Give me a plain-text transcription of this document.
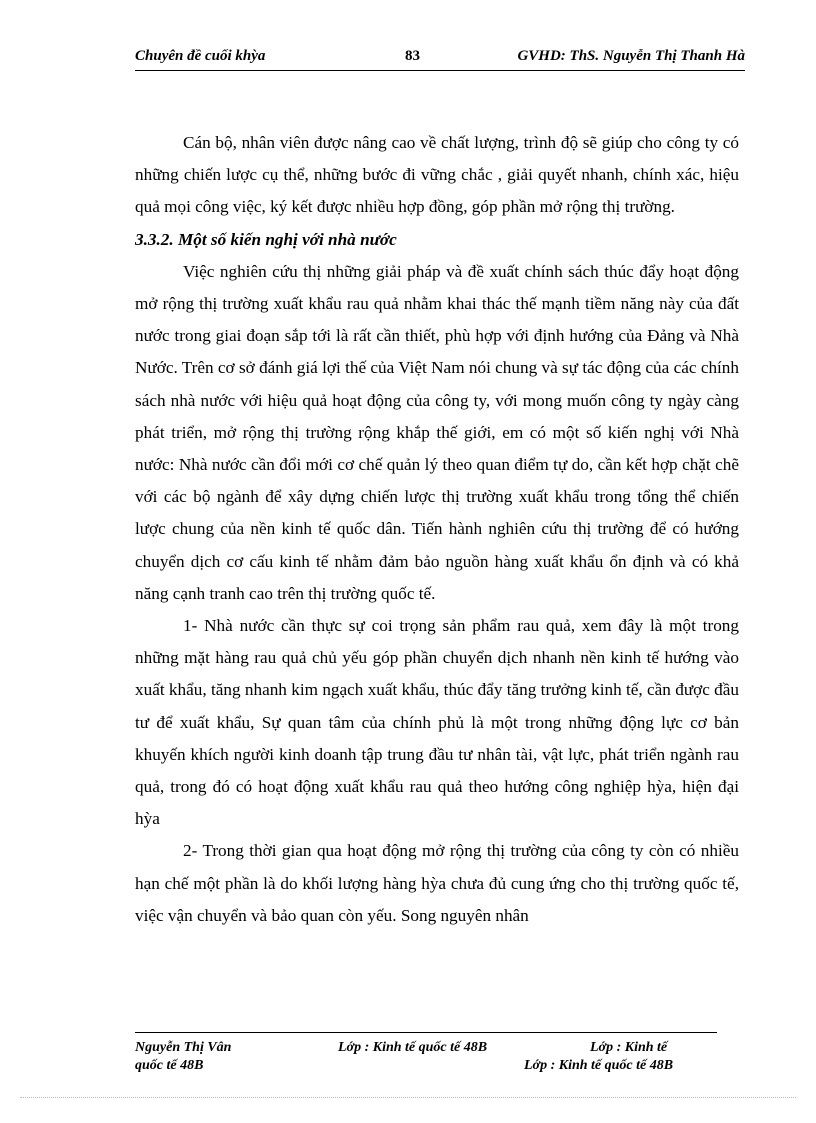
Chuyên đề cuối khỳa	83	GVHD: ThS. Nguyễn Thị Thanh Hà

Cán bộ, nhân viên được nâng cao về chất lượng, trình độ sẽ giúp cho công ty có những chiến lược cụ thể, những bước đi vững chắc , giải quyết nhanh, chính xác, hiệu quả mọi công việc, ký kết được nhiều hợp đồng, góp phần mở rộng thị trường.

3.3.2. Một số kiến nghị với nhà nước

Việc nghiên cứu thị những giải pháp và đề xuất chính sách thúc đẩy hoạt động mở rộng thị trường xuất khẩu rau quả nhằm khai thác thế mạnh tiềm năng này của đất nước trong giai đoạn sắp tới là rất cần thiết, phù hợp với định hướng của Đảng và Nhà Nước. Trên cơ sở đánh giá lợi thế của Việt Nam nói chung và sự tác động của các chính sách nhà nước với hiệu quả hoạt động của công ty, với mong muốn công ty ngày càng phát triển, mở rộng thị trường rộng khắp thế giới, em có một số kiến nghị với Nhà nước: Nhà nước cần đổi mới cơ chế quản lý theo quan điểm tự do, cần kết hợp chặt chẽ với các bộ ngành để xây dựng chiến lược thị trường xuất khẩu trong tổng thể chiến lược chung của nền kinh tế quốc dân. Tiến hành nghiên cứu thị trường để có hướng chuyển dịch cơ cấu kinh tế nhằm đảm bảo nguồn hàng xuất khẩu ổn định và có khả năng cạnh tranh cao trên thị trường quốc tế.

1- Nhà nước cần thực sự coi trọng sản phẩm rau quả, xem đây là một trong những mặt hàng rau quả chủ yếu góp phần chuyển dịch nhanh nền kinh tế hướng vào xuất khẩu, tăng nhanh kim ngạch xuất khẩu, thúc đẩy tăng trưởng kinh tế, cần được đầu tư để xuất khẩu, Sự quan tâm của chính phủ là một trong những động lực cơ bản khuyến khích người kinh doanh tập trung đầu tư nhân tài, vật lực, phát triển ngành rau quả, trong đó có hoạt động xuất khẩu rau quả theo hướng công nghiệp hỳa, hiện đại hỳa

2- Trong thời gian qua hoạt động mở rộng thị trường của công ty còn có nhiều hạn chế một phần là do khối lượng hàng hỳa chưa đủ cung ứng cho thị trường quốc tế, việc vận chuyển và bảo quan còn yếu. Song nguyên nhân

Nguyễn Thị Vân	Lớp : Kinh tế quốc tế 48B	Lớp : Kinh tế
quốc tế 48B	Lớp : Kinh tế quốc tế 48B
